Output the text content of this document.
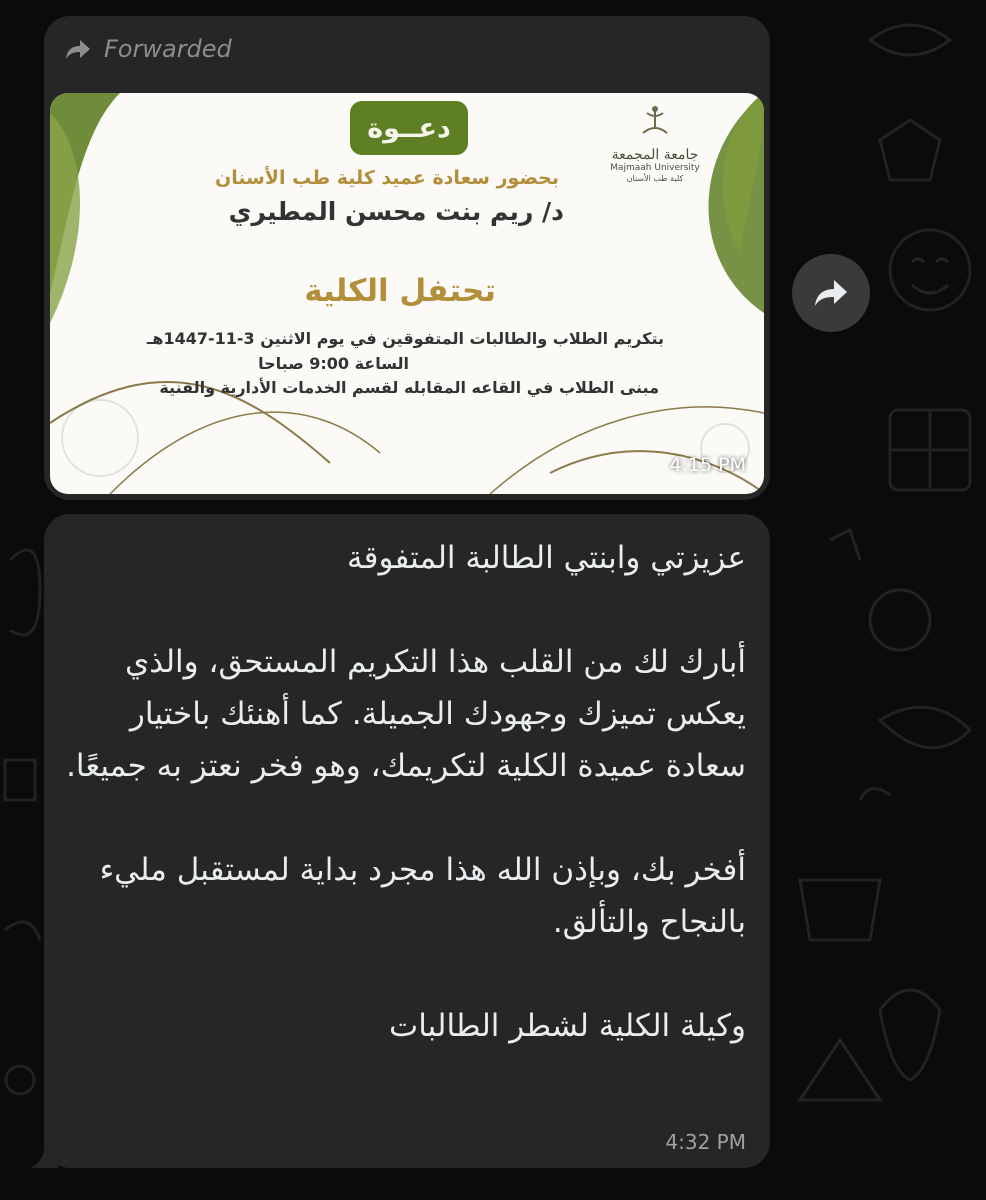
Forwarded
جامعة المجمعة
Majmaah University
كلية طب الأسنان
دعــوة
بحضور سعادة عميد كلية طب الأسنان
د/ ريم بنت محسن المطيري
تحتفل الكلية
بتكريم الطلاب والطالبات المتفوقين في يوم الاثنين 3-11-1447هـ
الساعة 9:00 صباحا
مبنى الطلاب في القاعه المقابله لقسم الخدمات الأدارية والفنية
4:15 PM
عزيزتي وابنتي الطالبة المتفوقة

أبارك لك من القلب هذا التكريم المستحق، والذي يعكس تميزك وجهودك الجميلة. كما أهنئك باختيار سعادة عميدة الكلية لتكريمك، وهو فخر نعتز به جميعًا.

أفخر بك، وبإذن الله هذا مجرد بداية لمستقبل مليء بالنجاح والتألق.

وكيلة الكلية لشطر الطالبات
4:32 PM
